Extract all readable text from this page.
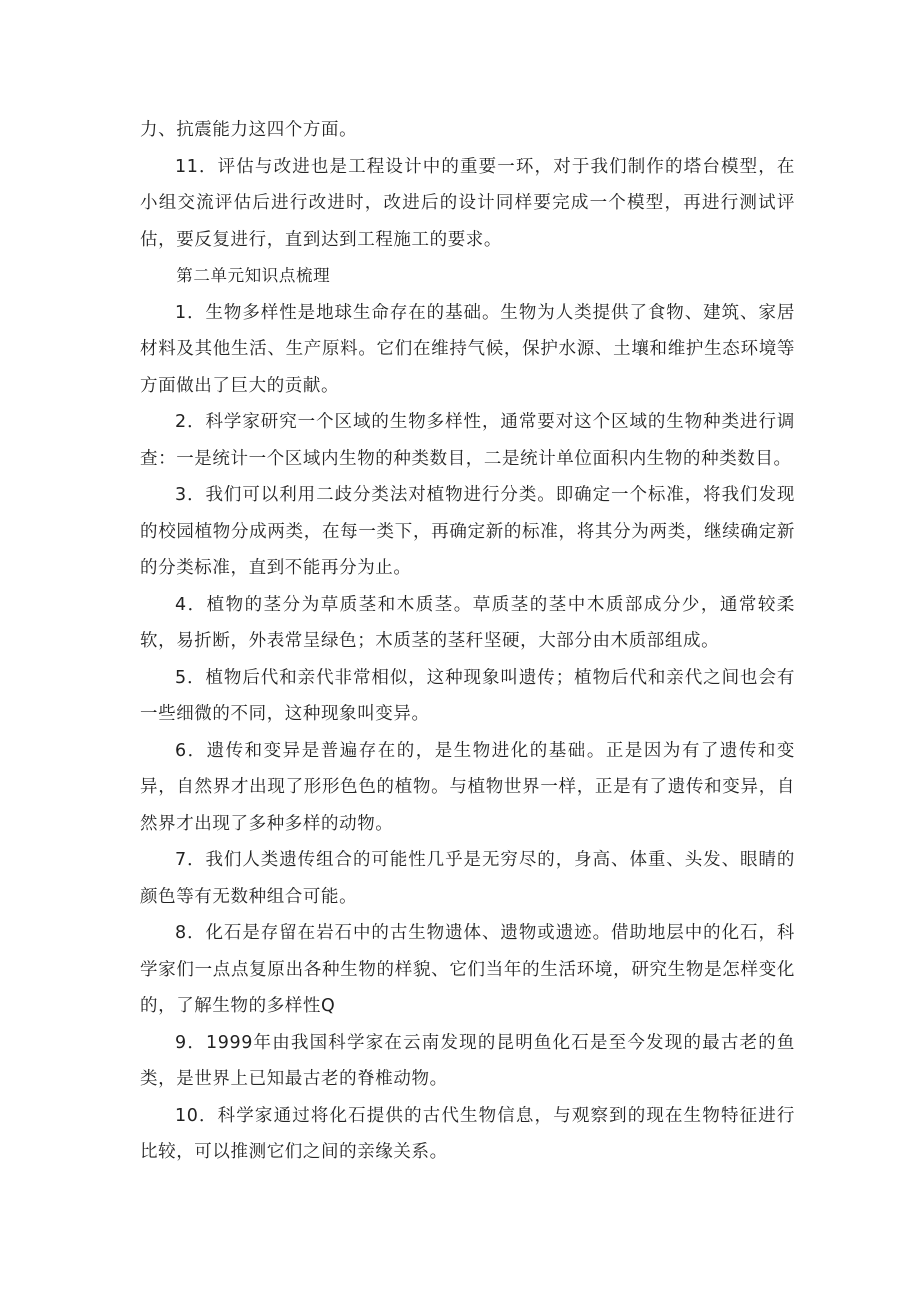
力、抗震能力这四个方面。

11．评估与改进也是工程设计中的重要一环，对于我们制作的塔台模型，在小组交流评估后进行改进时，改进后的设计同样要完成一个模型，再进行测试评估，要反复进行，直到达到工程施工的要求。

第二单元知识点梳理

1．生物多样性是地球生命存在的基础。生物为人类提供了食物、建筑、家居材料及其他生活、生产原料。它们在维持气候，保护水源、土壤和维护生态环境等方面做出了巨大的贡献。

2．科学家研究一个区域的生物多样性，通常要对这个区域的生物种类进行调查：一是统计一个区域内生物的种类数目，二是统计单位面积内生物的种类数目。

3．我们可以利用二歧分类法对植物进行分类。即确定一个标准，将我们发现的校园植物分成两类，在每一类下，再确定新的标准，将其分为两类，继续确定新的分类标准，直到不能再分为止。

4．植物的茎分为草质茎和木质茎。草质茎的茎中木质部成分少，通常较柔软，易折断，外表常呈绿色；木质茎的茎秆坚硬，大部分由木质部组成。

5．植物后代和亲代非常相似，这种现象叫遗传；植物后代和亲代之间也会有一些细微的不同，这种现象叫变异。

6．遗传和变异是普遍存在的，是生物进化的基础。正是因为有了遗传和变异，自然界才出现了形形色色的植物。与植物世界一样，正是有了遗传和变异，自然界才出现了多种多样的动物。

7．我们人类遗传组合的可能性几乎是无穷尽的，身高、体重、头发、眼睛的颜色等有无数种组合可能。

8．化石是存留在岩石中的古生物遗体、遗物或遗迹。借助地层中的化石，科学家们一点点复原出各种生物的样貌、它们当年的生活环境，研究生物是怎样变化的，了解生物的多样性Q

9．1999年由我国科学家在云南发现的昆明鱼化石是至今发现的最古老的鱼类，是世界上已知最古老的脊椎动物。

10．科学家通过将化石提供的古代生物信息，与观察到的现在生物特征进行比较，可以推测它们之间的亲缘关系。
